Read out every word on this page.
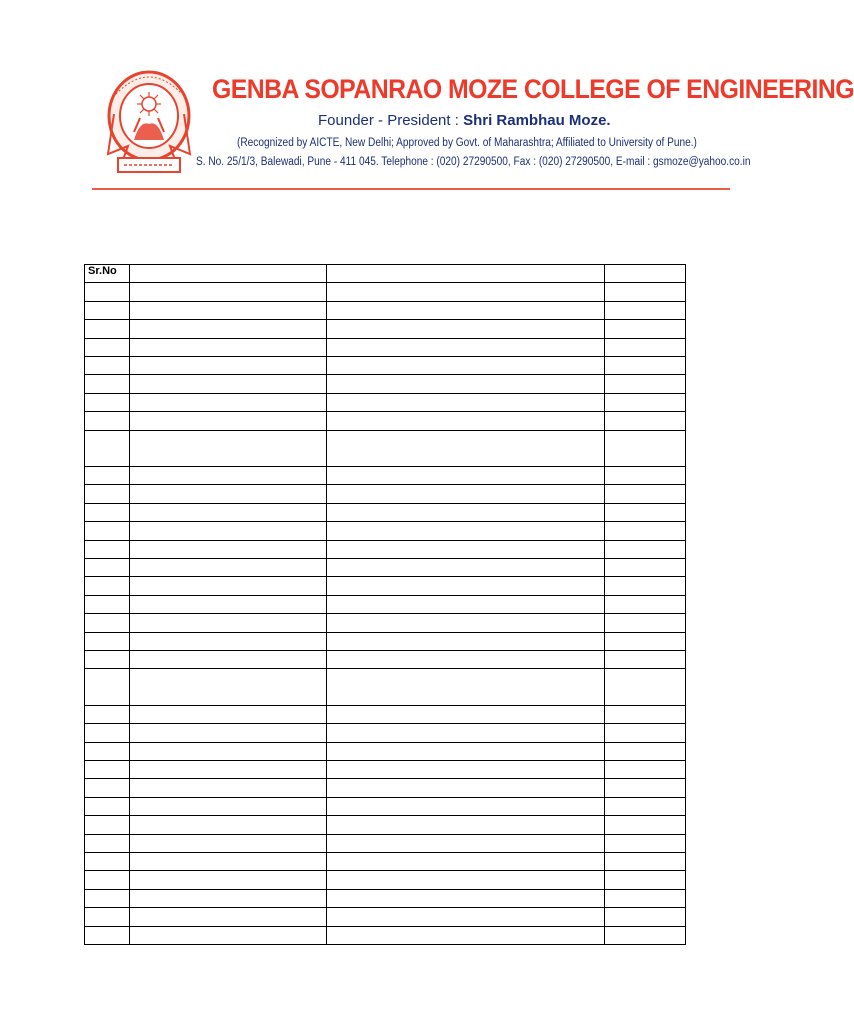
GENBA SOPANRAO MOZE COLLEGE OF ENGINEERING
Founder - President : Shri Rambhau Moze.
(Recognized by AICTE, New Delhi; Approved by Govt. of Maharashtra; Affiliated to University of Pune.)
S. No. 25/1/3, Balewadi, Pune - 411 045. Telephone : (020) 27290500, Fax : (020) 27290500, E-mail : gsmoze@yahoo.co.in
Sr.No			
